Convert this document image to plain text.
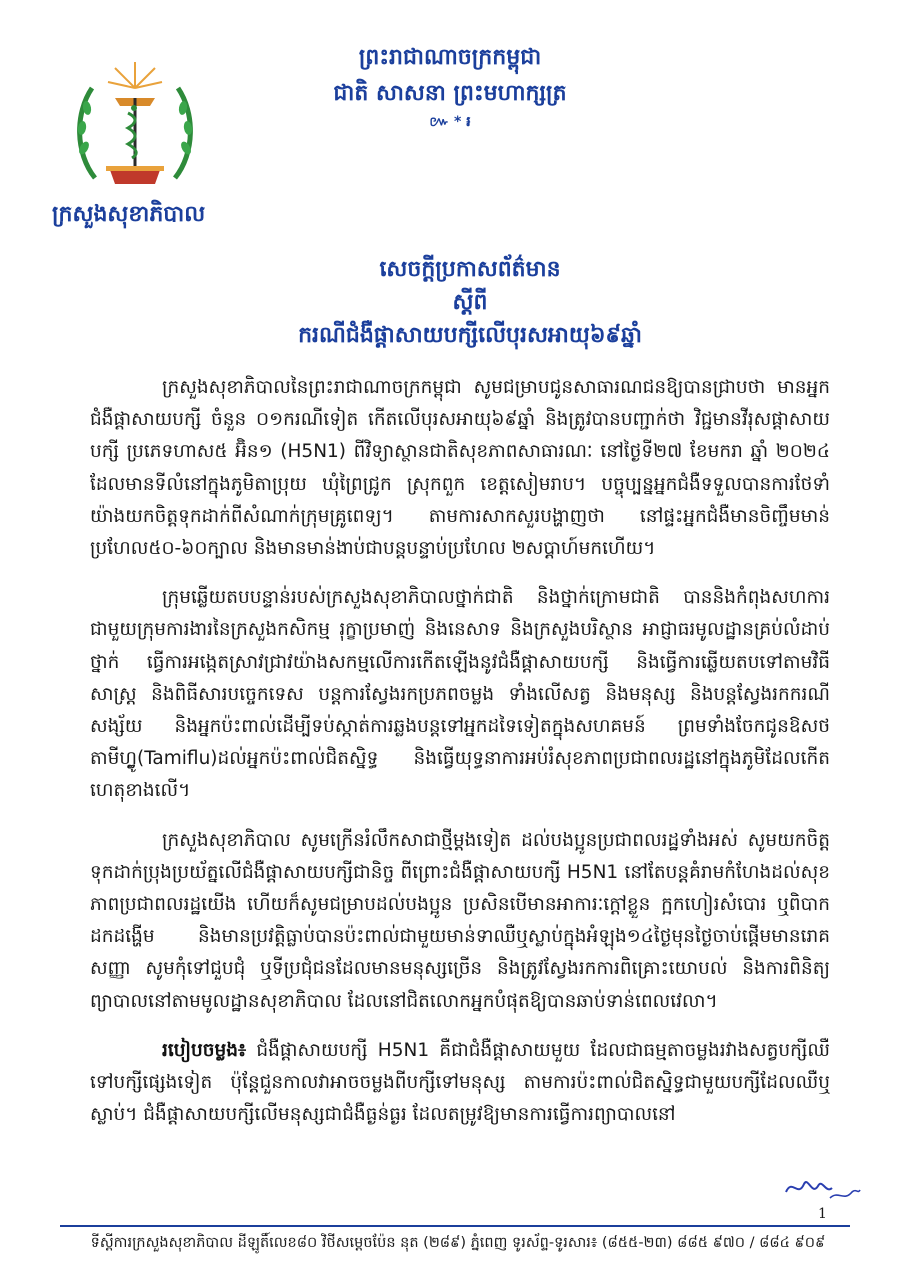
ក្រសួងសុខាភិបាល
ព្រះរាជាណាចក្រកម្ពុជា
ជាតិ សាសនា ព្រះមហាក្សត្រ
៚ * ៛
សេចក្តីប្រកាសព័ត៌មាន
ស្តីពី
ករណីជំងឺផ្តាសាយបក្សីលើបុរសអាយុ៦៩ឆ្នាំ

ក្រសួងសុខាភិបាលនៃព្រះរាជាណាចក្រកម្ពុជា សូមជម្រាបជូនសាធារណជនឱ្យបានជ្រាបថា មានអ្នកជំងឺផ្តាសាយបក្សី ចំនួន ០១ករណីទៀត កើតលើបុរសអាយុ៦៩ឆ្នាំ និងត្រូវបានបញ្ជាក់ថា វិជ្ជមានវីរុសផ្តាសាយបក្សី ប្រភេទហាស៥ អ៊ិន១ (H5N1) ពីវិទ្យាស្ថានជាតិសុខភាពសាធារណៈ នៅថ្ងៃទី២៧ ខែមករា ឆ្នាំ ២០២៤ ដែលមានទីលំនៅក្នុងភូមិតាប្រុយ ឃុំព្រៃជ្រូក ស្រុកពួក ខេត្តសៀមរាប។ បច្ចុប្បន្នអ្នកជំងឺទទួលបានការថែទាំយ៉ាងយកចិត្តទុកដាក់ពីសំណាក់ក្រុមគ្រូពេទ្យ។ តាមការសាកសួរបង្ហាញថា នៅផ្ទះអ្នកជំងឺមានចិញ្ចឹមមាន់ប្រហែល៥០-៦០ក្បាល និងមានមាន់ងាប់ជាបន្តបន្ទាប់ប្រហែល ២សប្តាហ៍មកហើយ។

ក្រុមឆ្លើយតបបន្ទាន់របស់ក្រសួងសុខាភិបាលថ្នាក់ជាតិ និងថ្នាក់ក្រោមជាតិ បាននិងកំពុងសហការជាមួយក្រុមការងារនៃក្រសួងកសិកម្ម រុក្ខាប្រមាញ់ និងនេសាទ និងក្រសួងបរិស្ថាន អាជ្ញាធរមូលដ្ឋានគ្រប់លំដាប់ថ្នាក់ ធ្វើការអង្កេតស្រាវជ្រាវយ៉ាងសកម្មលើការកើតឡើងនូវជំងឺផ្តាសាយបក្សី និងធ្វើការឆ្លើយតបទៅតាមវិធីសាស្ត្រ និងពិធីសារបច្ចេកទេស បន្តការស្វែងរកប្រភពចម្លង ទាំងលើសត្វ និងមនុស្ស និងបន្តស្វែងរកករណីសង្ស័យ និងអ្នកប៉ះពាល់ដើម្បីទប់ស្កាត់ការឆ្លងបន្តទៅអ្នកដទៃទៀតក្នុងសហគមន៍ ព្រមទាំងចែកជូនឱសថតាមីហ្វ្លូ(Tamiflu)ដល់អ្នកប៉ះពាល់ជិតស្និទ្ធ និងធ្វើយុទ្ធនាការអប់រំសុខភាពប្រជាពលរដ្ឋនៅក្នុងភូមិដែលកើតហេតុខាងលើ។

ក្រសួងសុខាភិបាល សូមក្រើនរំលឹកសាជាថ្មីម្តងទៀត ដល់បងប្អូនប្រជាពលរដ្ឋទាំងអស់ សូមយកចិត្តទុកដាក់ប្រុងប្រយ័ត្នលើជំងឺផ្តាសាយបក្សីជានិច្ច ពីព្រោះជំងឺផ្តាសាយបក្សី H5N1 នៅតែបន្តគំរាមកំហែងដល់សុខភាពប្រជាពលរដ្ឋយើង ហើយក៏សូមជម្រាបដល់បងប្អូន ប្រសិនបើមានអាការៈក្តៅខ្លួន ក្អកហៀរសំបោរ ឬពិបាកដកដង្ហើម និងមានប្រវត្តិធ្លាប់បានប៉ះពាល់ជាមួយមាន់ទាឈឺឬស្លាប់ក្នុងអំឡុង១៤ថ្ងៃមុនថ្ងៃចាប់ផ្តើមមានរោគសញ្ញា សូមកុំទៅជួបជុំ ឬទីប្រជុំជនដែលមានមនុស្សច្រើន និងត្រូវស្វែងរកការពិគ្រោះយោបល់ និងការពិនិត្យព្យាបាលនៅតាមមូលដ្ឋានសុខាភិបាល ដែលនៅជិតលោកអ្នកបំផុតឱ្យបានឆាប់ទាន់ពេលវេលា។

របៀបចម្លង៖ ជំងឺផ្តាសាយបក្សី H5N1 គឺជាជំងឺផ្តាសាយមួយ ដែលជាធម្មតាចម្លងរវាងសត្វបក្សីឈឺ ទៅបក្សីផ្សេងទៀត ប៉ុន្តែជួនកាលវាអាចចម្លងពីបក្សីទៅមនុស្ស តាមការប៉ះពាល់ជិតស្និទ្ធជាមួយបក្សីដែលឈឺឬស្លាប់។ ជំងឺផ្តាសាយបក្សីលើមនុស្សជាជំងឺធ្ងន់ធ្ងរ ដែលតម្រូវឱ្យមានការធ្វើការព្យាបាលនៅ

1
ទីស្តីការក្រសួងសុខាភិបាល ដីឡូតិ៍លេខ៨០ វិថីសម្តេចប៉ែន នុត (២៨៩) ភ្នំពេញ ទូរស័ព្ទ-ទូរសារ៖ (៨៥៥-២៣) ៨៨៥ ៩៧០ / ៨៨៤ ៩០៩
